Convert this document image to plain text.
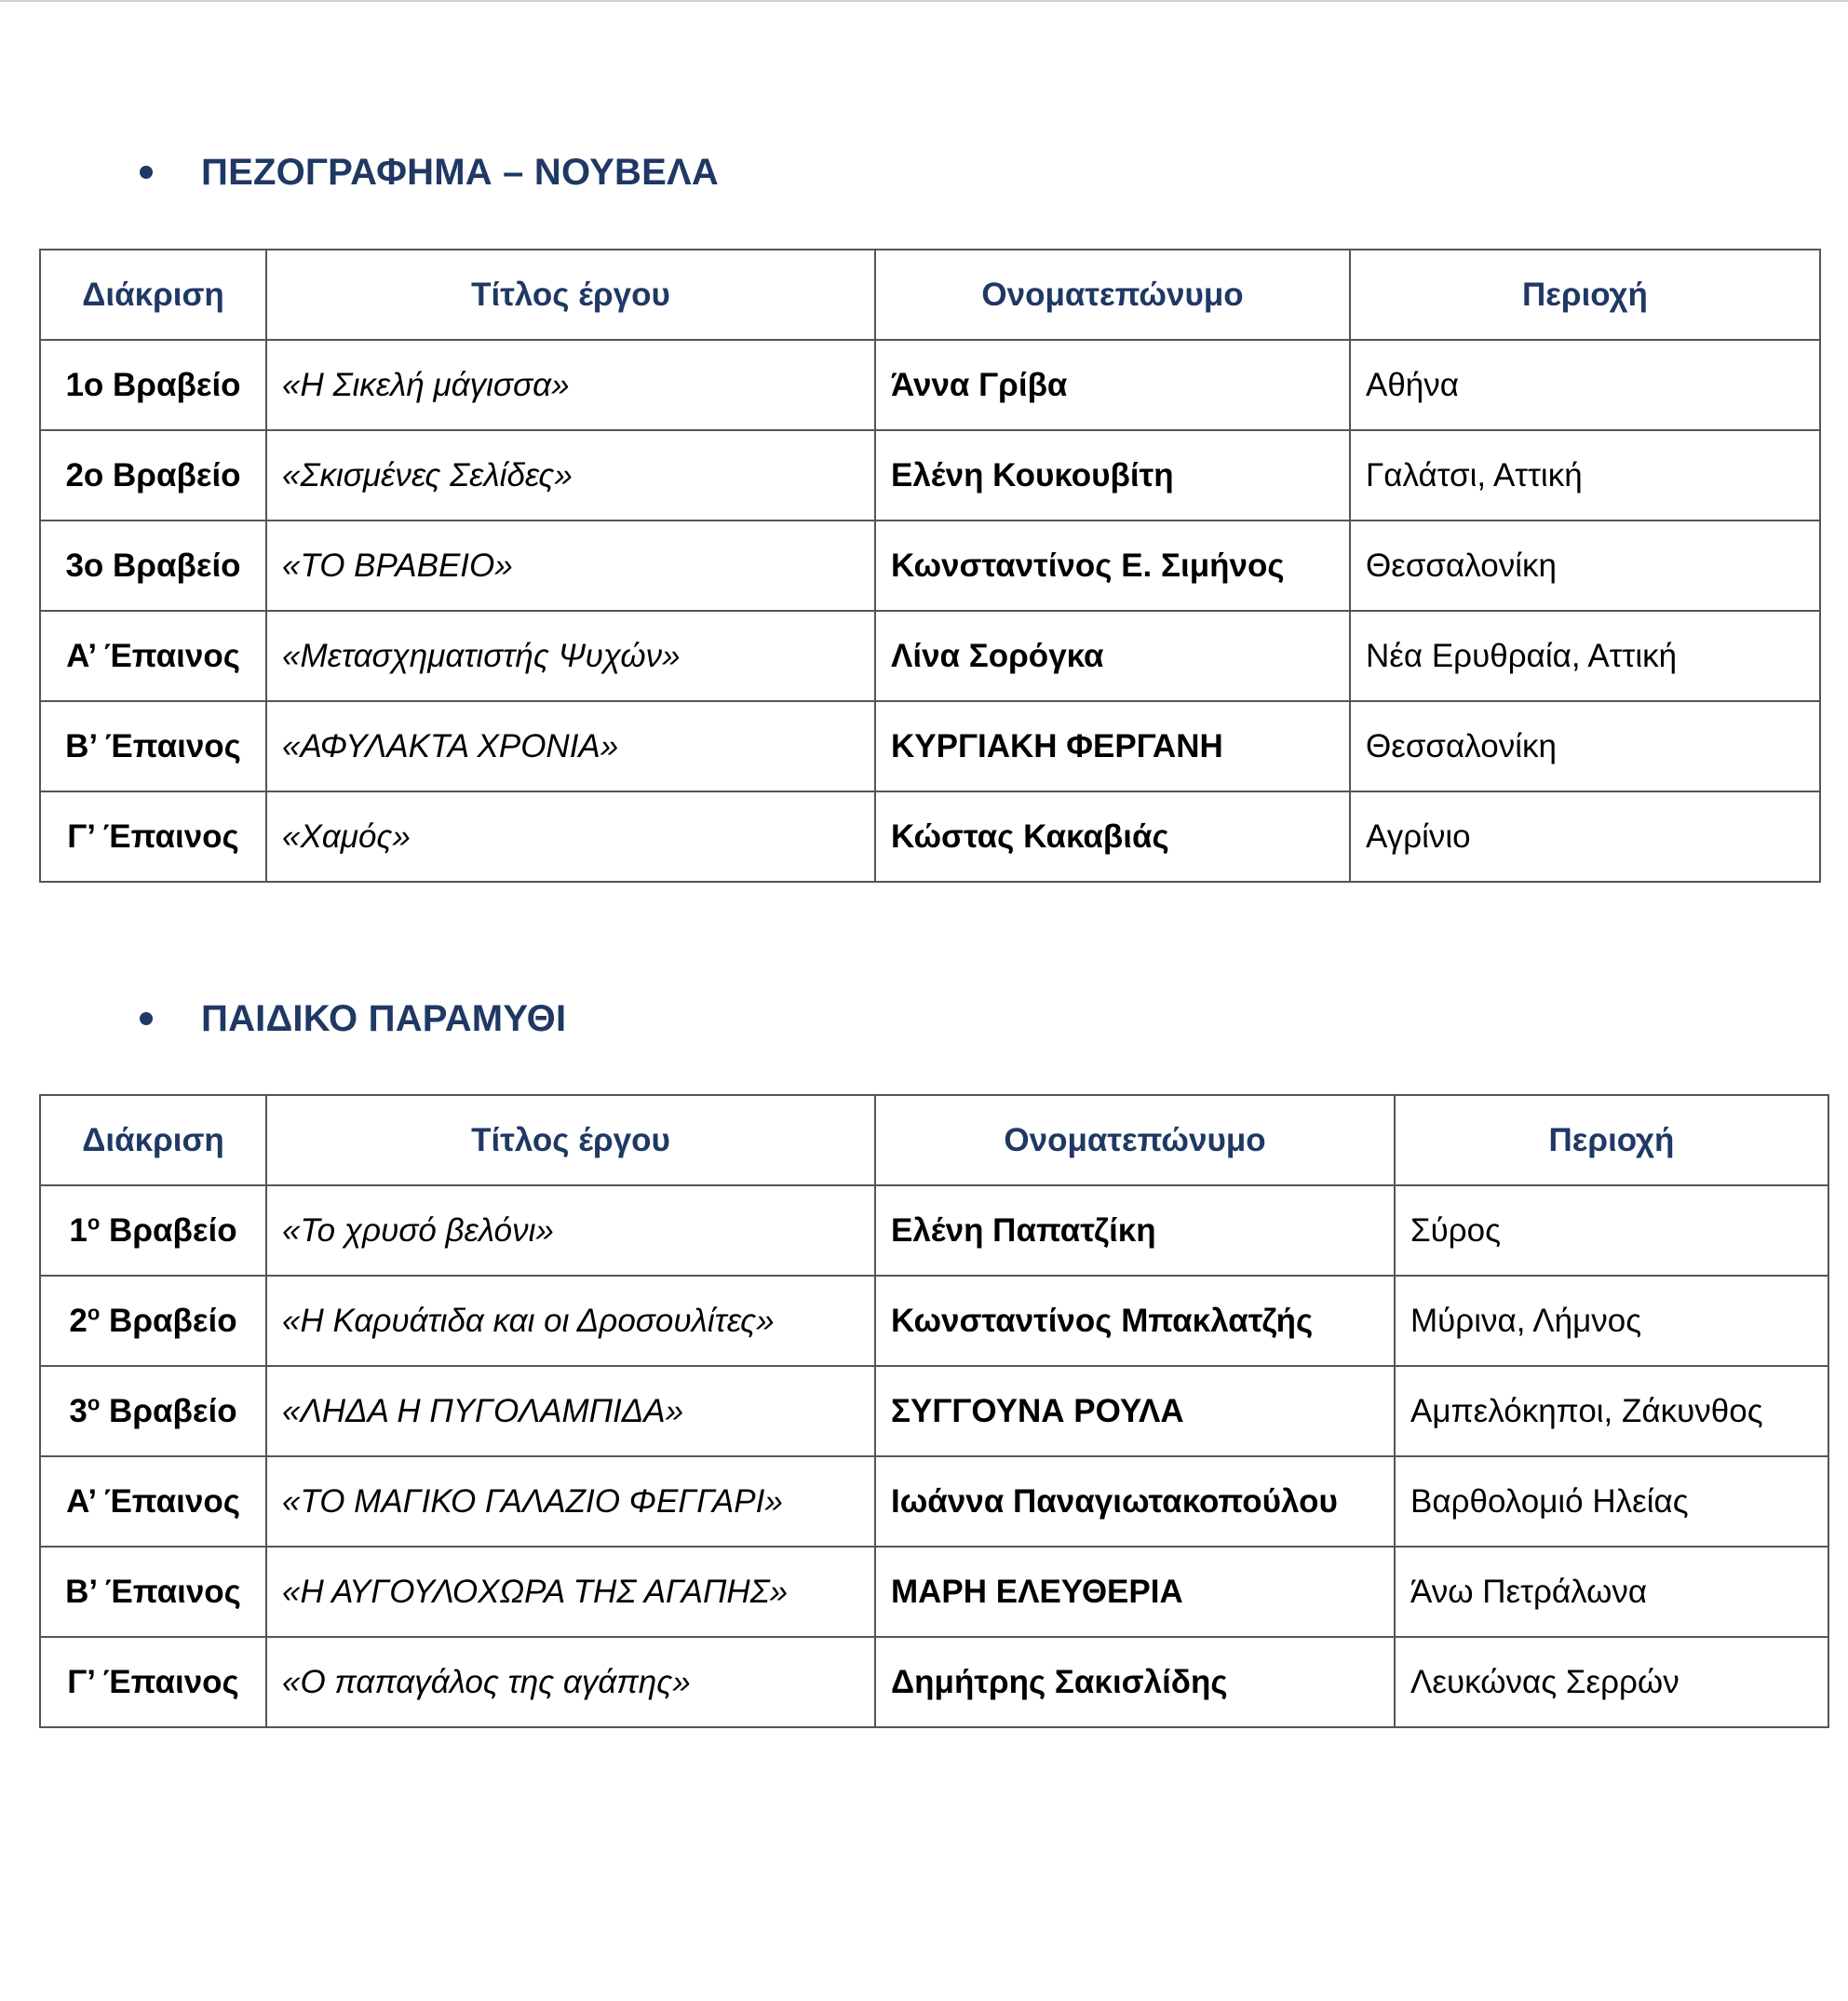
ΠΕΖΟΓΡΑΦΗΜΑ – ΝΟΥΒΕΛΑ
Διάκριση	Τίτλος έργου	Ονοματεπώνυμο	Περιοχή
1ο Βραβείο	«Η Σικελή μάγισσα»	Άννα Γρίβα	Αθήνα
2ο Βραβείο	«Σκισμένες Σελίδες»	Ελένη Κουκουβίτη	Γαλάτσι, Αττική
3ο Βραβείο	«ΤΟ ΒΡΑΒΕΙΟ»	Κωνσταντίνος Ε. Σιμήνος	Θεσσαλονίκη
Α’ Έπαινος	«Μετασχηματιστής Ψυχών»	Λίνα Σορόγκα	Νέα Ερυθραία, Αττική
Β’ Έπαινος	«ΑΦΥΛΑΚΤΑ ΧΡΟΝΙΑ»	ΚΥΡΓΙΑΚΗ ΦΕΡΓΑΝΗ	Θεσσαλονίκη
Γ’ Έπαινος	«Χαμός»	Κώστας Κακαβιάς	Αγρίνιο
ΠΑΙΔΙΚΟ ΠΑΡΑΜΥΘΙ
Διάκριση	Τίτλος έργου	Ονοματεπώνυμο	Περιοχή
$1^o$ Βραβείο	«Το χρυσό βελόνι»	Ελένη Παπατζίκη	Σύρος
$2^o$ Βραβείο	«Η Καρυάτιδα και οι Δροσουλίτες»	Κωνσταντίνος Μπακλατζής	Μύρινα, Λήμνος
$3^o$ Βραβείο	«ΛΗΔΑ Η ΠΥΓΟΛΑΜΠΙΔΑ»	ΣΥΓΓΟΥΝΑ ΡΟΥΛΑ	Αμπελόκηποι, Ζάκυνθος
Α’ Έπαινος	«ΤΟ ΜΑΓΙΚΟ ΓΑΛΑΖΙΟ ΦΕΓΓΑΡΙ»	Ιωάννα Παναγιωτακοπούλου	Βαρθολομιό Ηλείας
Β’ Έπαινος	«Η ΑΥΓΟΥΛΟΧΩΡΑ ΤΗΣ ΑΓΑΠΗΣ»	ΜΑΡΗ ΕΛΕΥΘΕΡΙΑ	Άνω Πετράλωνα
Γ’ Έπαινος	«Ο παπαγάλος της αγάπης»	Δημήτρης Σακισλίδης	Λευκώνας Σερρών
